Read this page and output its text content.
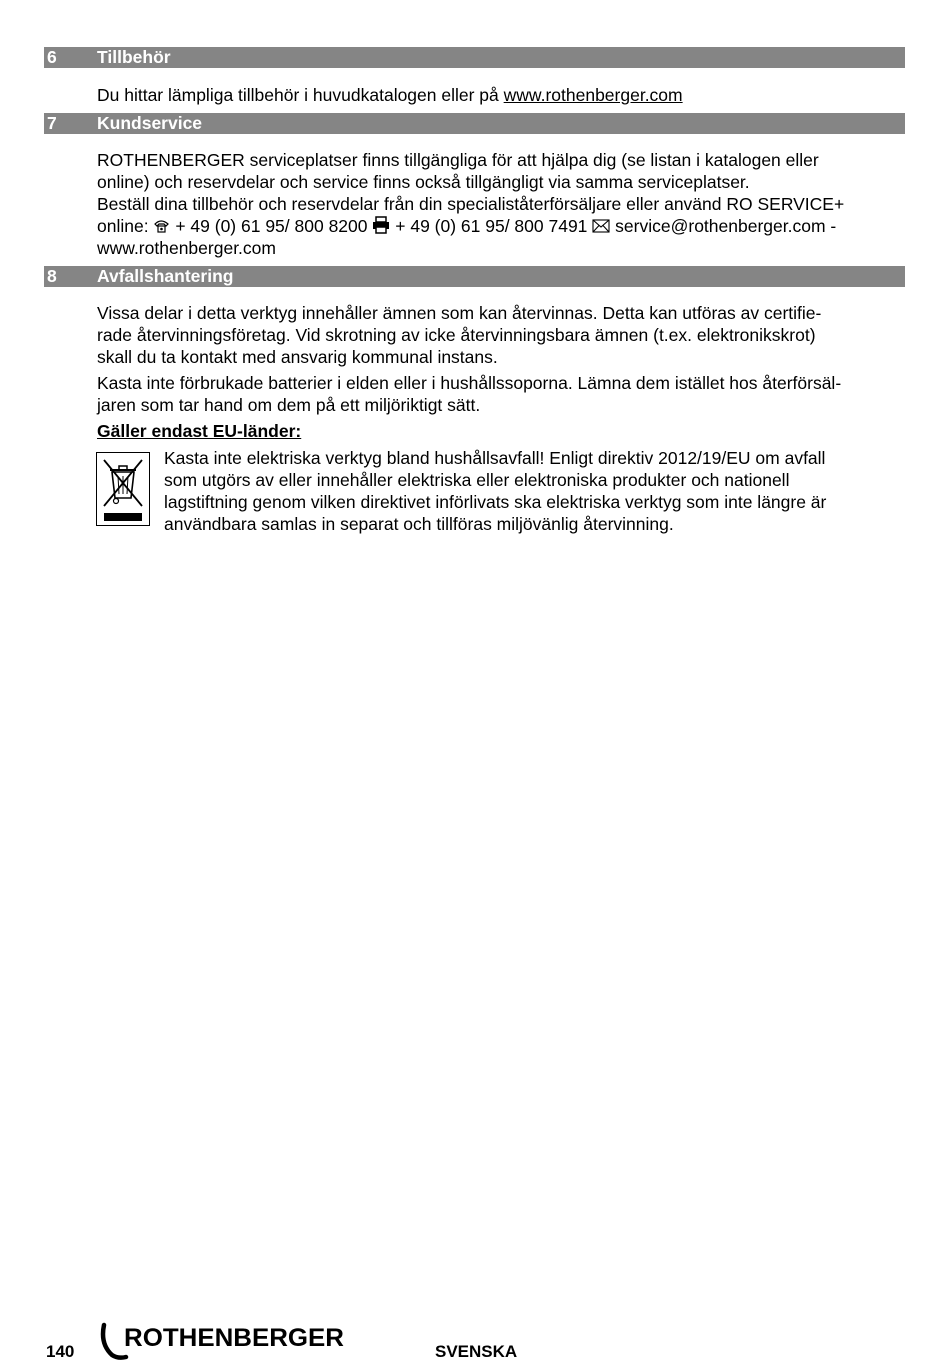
6 Tillbehör

Du hittar lämpliga tillbehör i huvudkatalogen eller på www.rothenberger.com

7 Kundservice
ROTHENBERGER serviceplatser finns tillgängliga för att hjälpa dig (se listan i katalogen eller
online) och reservdelar och service finns också tillgängligt via samma serviceplatser.
Beställ dina tillbehör och reservdelar från din specialiståterförsäljare eller använd RO SERVICE+
online: + 49 (0) 61 95/ 800 8200 + 49 (0) 61 95/ 800 7491 service@rothenberger.com -
www.rothenberger.com
8 Avfallshantering
Vissa delar i detta verktyg innehåller ämnen som kan återvinnas. Detta kan utföras av certifie-
rade återvinningsföretag. Vid skrotning av icke återvinningsbara ämnen (t.ex. elektronikskrot)
skall du ta kontakt med ansvarig kommunal instans.
Kasta inte förbrukade batterier i elden eller i hushållssoporna. Lämna dem istället hos återförsäl-
jaren som tar hand om dem på ett miljöriktigt sätt.
Gäller endast EU-länder:
Kasta inte elektriska verktyg bland hushållsavfall! Enligt direktiv 2012/19/EU om avfall
som utgörs av eller innehåller elektriska eller elektroniska produkter och nationell
lagstiftning genom vilken direktivet införlivats ska elektriska verktyg som inte längre är
användbara samlas in separat och tillföras miljövänlig återvinning.
140 ROTHENBERGER	SVENSKA
